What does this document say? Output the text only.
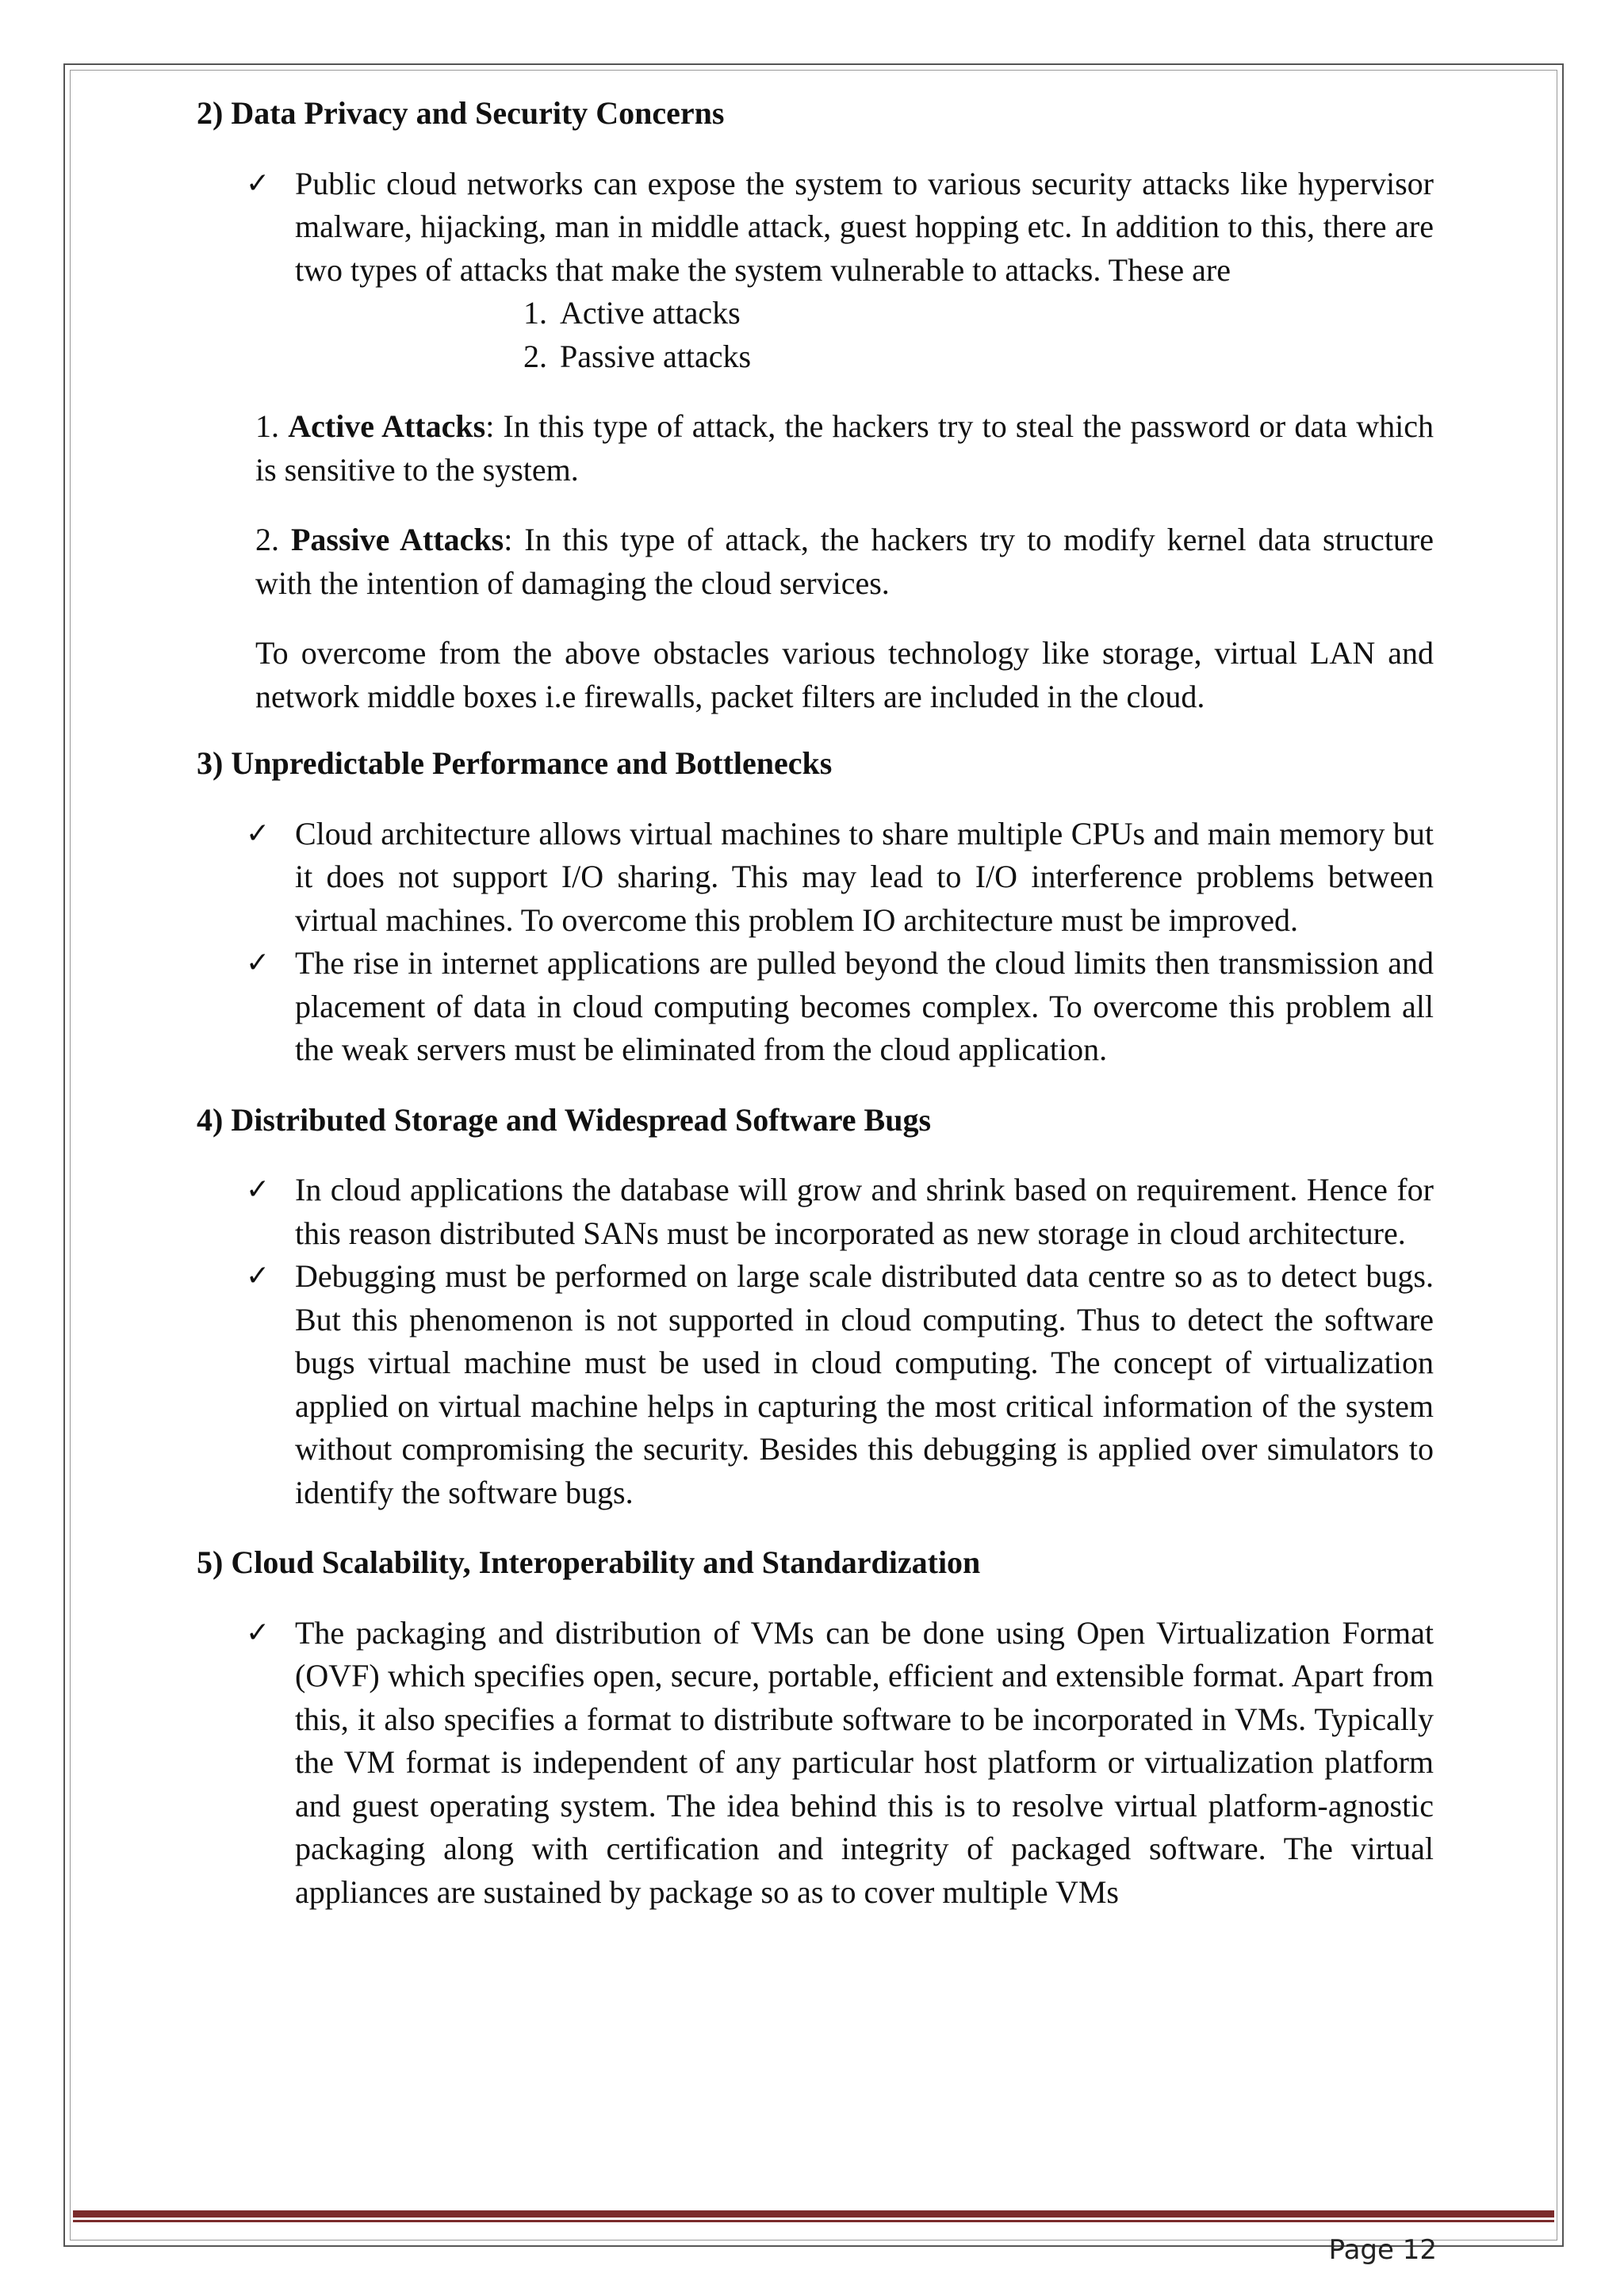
2) Data Privacy and Security Concerns
✓ Public cloud networks can expose the system to various security attacks like hypervisor malware, hijacking, man in middle attack, guest hopping etc. In addition to this, there are two types of attacks that make the system vulnerable to attacks. These are
1. Active attacks
2. Passive attacks

1. Active Attacks: In this type of attack, the hackers try to steal the password or data which is sensitive to the system.

2. Passive Attacks: In this type of attack, the hackers try to modify kernel data structure with the intention of damaging the cloud services.

To overcome from the above obstacles various technology like storage, virtual LAN and network middle boxes i.e firewalls, packet filters are included in the cloud.

3) Unpredictable Performance and Bottlenecks
✓ Cloud architecture allows virtual machines to share multiple CPUs and main memory but it does not support I/O sharing. This may lead to I/O interference problems between virtual machines. To overcome this problem IO architecture must be improved.
✓ The rise in internet applications are pulled beyond the cloud limits then transmission and placement of data in cloud computing becomes complex. To overcome this problem all the weak servers must be eliminated from the cloud application.
4) Distributed Storage and Widespread Software Bugs
✓ In cloud applications the database will grow and shrink based on requirement. Hence for this reason distributed SANs must be incorporated as new storage in cloud architecture.
✓ Debugging must be performed on large scale distributed data centre so as to detect bugs. But this phenomenon is not supported in cloud computing. Thus to detect the software bugs virtual machine must be used in cloud computing. The concept of virtualization applied on virtual machine helps in capturing the most critical information of the system without compromising the security. Besides this debugging is applied over simulators to identify the software bugs.
5) Cloud Scalability, Interoperability and Standardization
✓ The packaging and distribution of VMs can be done using Open Virtualization Format (OVF) which specifies open, secure, portable, efficient and extensible format. Apart from this, it also specifies a format to distribute software to be incorporated in VMs. Typically the VM format is independent of any particular host platform or virtualization platform and guest operating system. The idea behind this is to resolve virtual platform-agnostic packaging along with certification and integrity of packaged software. The virtual appliances are sustained by package so as to cover multiple VMs
Page 12
